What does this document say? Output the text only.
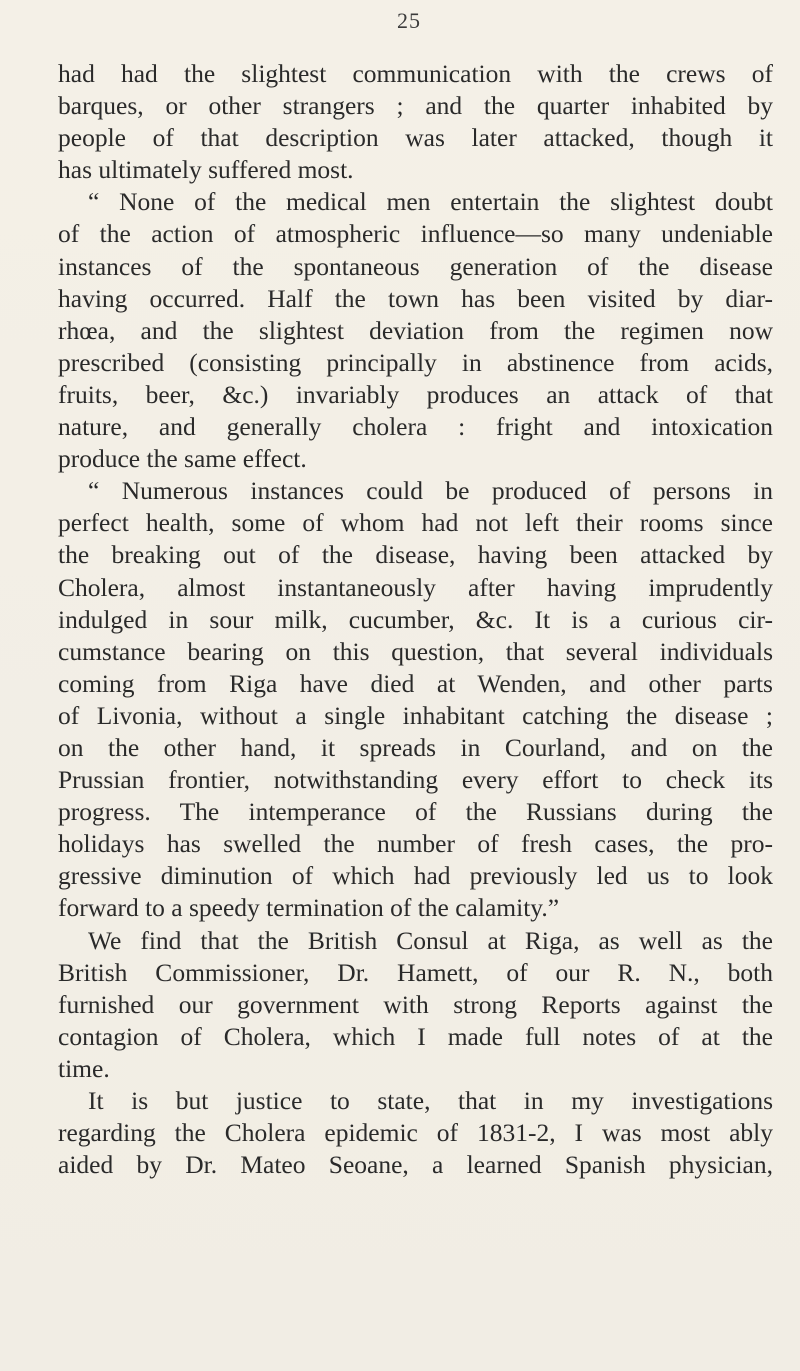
25
had had the slightest communication with the crews of
barques, or other strangers ; and the quarter inhabited by
people of that description was later attacked, though it
has ultimately suffered most.
“ None of the medical men entertain the slightest doubt
of the action of atmospheric influence—so many undeniable
instances of the spontaneous generation of the disease
having occurred. Half the town has been visited by diar-
rhœa, and the slightest deviation from the regimen now
prescribed (consisting principally in abstinence from acids,
fruits, beer, &c.) invariably produces an attack of that
nature, and generally cholera : fright and intoxication
produce the same effect.
“ Numerous instances could be produced of persons in
perfect health, some of whom had not left their rooms since
the breaking out of the disease, having been attacked by
Cholera, almost instantaneously after having imprudently
indulged in sour milk, cucumber, &c. It is a curious cir-
cumstance bearing on this question, that several individuals
coming from Riga have died at Wenden, and other parts
of Livonia, without a single inhabitant catching the disease ;
on the other hand, it spreads in Courland, and on the
Prussian frontier, notwithstanding every effort to check its
progress. The intemperance of the Russians during the
holidays has swelled the number of fresh cases, the pro-
gressive diminution of which had previously led us to look
forward to a speedy termination of the calamity.”
We find that the British Consul at Riga, as well as the
British Commissioner, Dr. Hamett, of our R. N., both
furnished our government with strong Reports against the
contagion of Cholera, which I made full notes of at the
time.
It is but justice to state, that in my investigations
regarding the Cholera epidemic of 1831-2, I was most ably
aided by Dr. Mateo Seoane, a learned Spanish physician,
